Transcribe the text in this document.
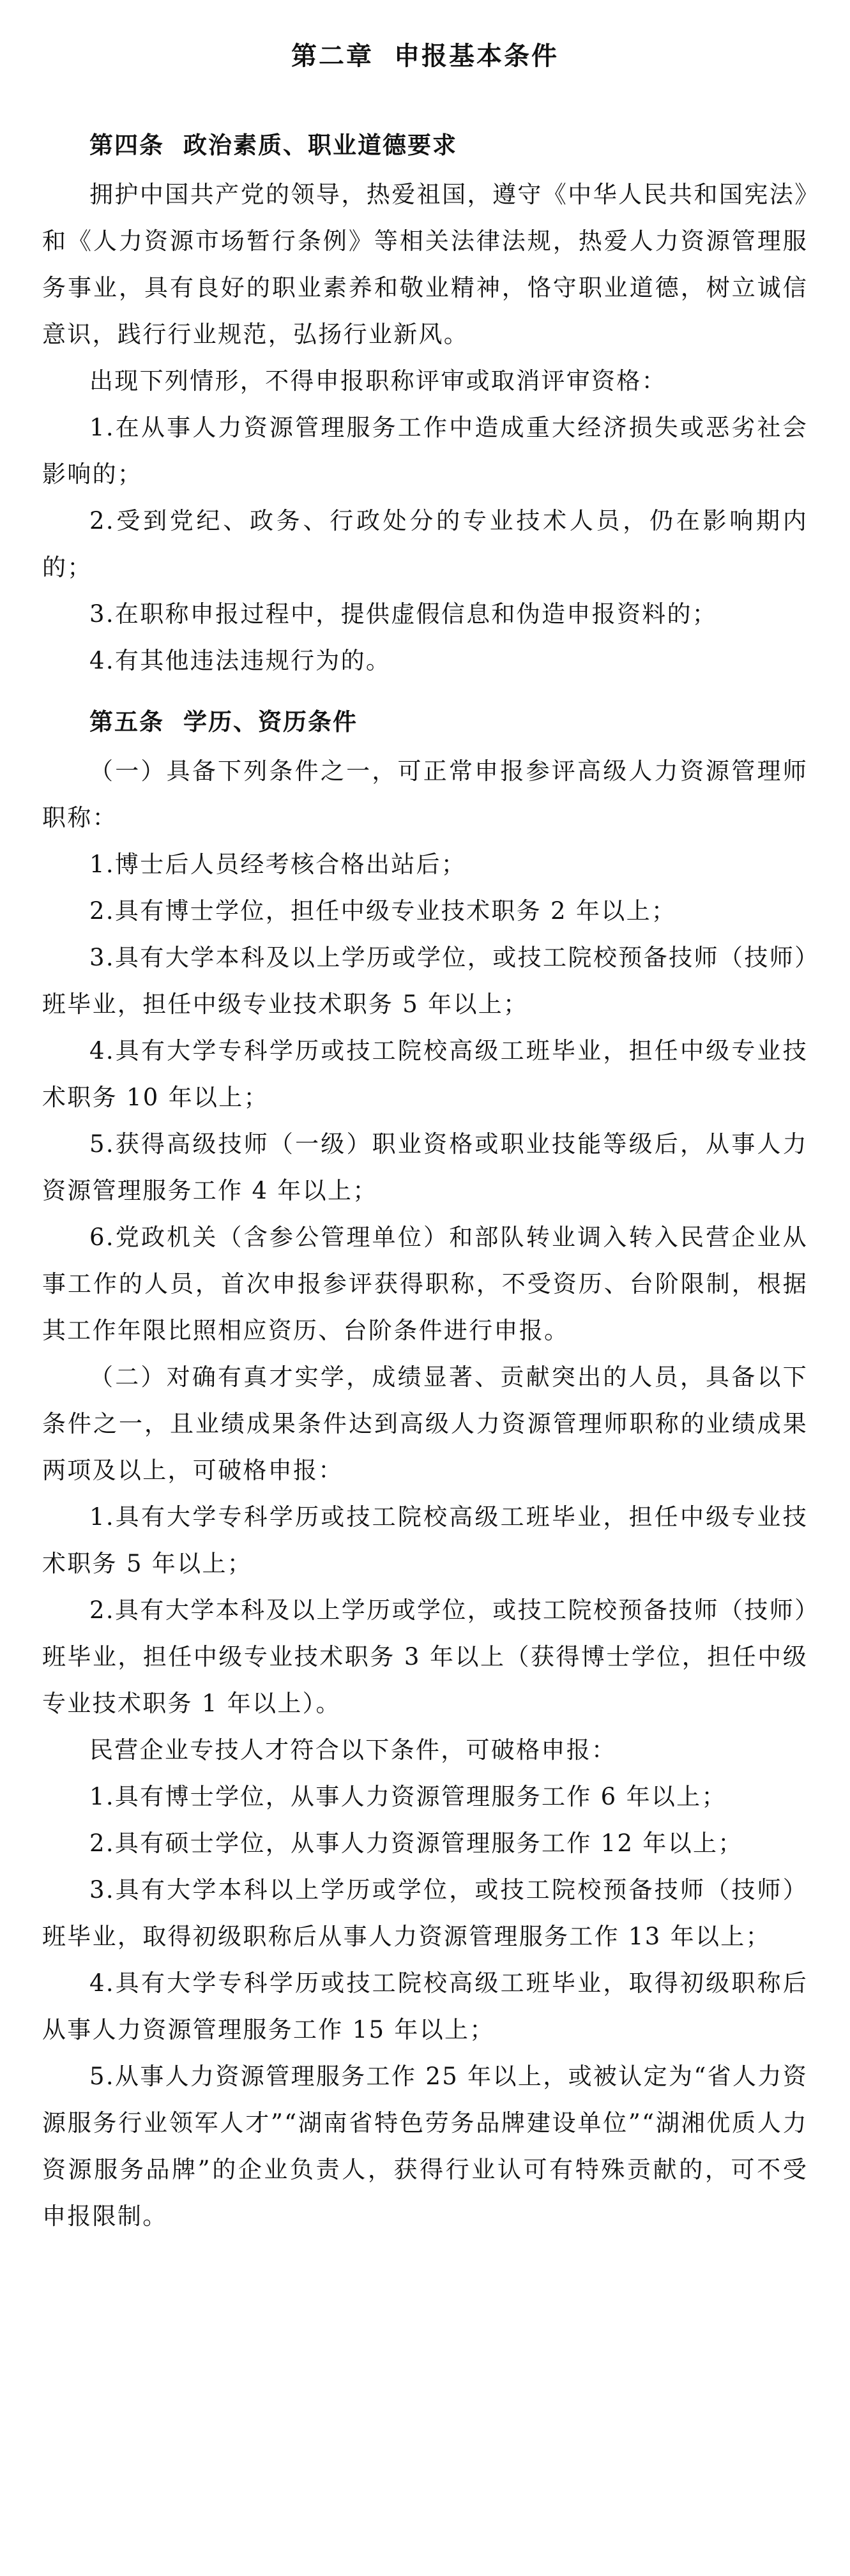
第二章 申报基本条件
第四条 政治素质、职业道德要求

拥护中国共产党的领导，热爱祖国，遵守《中华人民共和国宪法》和《人力资源市场暂行条例》等相关法律法规，热爱人力资源管理服务事业，具有良好的职业素养和敬业精神，恪守职业道德，树立诚信意识，践行行业规范，弘扬行业新风。

出现下列情形，不得申报职称评审或取消评审资格：

1.在从事人力资源管理服务工作中造成重大经济损失或恶劣社会影响的；

2.受到党纪、政务、行政处分的专业技术人员，仍在影响期内的；

3.在职称申报过程中，提供虚假信息和伪造申报资料的；

4.有其他违法违规行为的。

第五条 学历、资历条件

（一）具备下列条件之一，可正常申报参评高级人力资源管理师职称：

1.博士后人员经考核合格出站后；

2.具有博士学位，担任中级专业技术职务 2 年以上；

3.具有大学本科及以上学历或学位，或技工院校预备技师（技师）班毕业，担任中级专业技术职务 5 年以上；

4.具有大学专科学历或技工院校高级工班毕业，担任中级专业技术职务 10 年以上；

5.获得高级技师（一级）职业资格或职业技能等级后，从事人力资源管理服务工作 4 年以上；

6.党政机关（含参公管理单位）和部队转业调入转入民营企业从事工作的人员，首次申报参评获得职称，不受资历、台阶限制，根据其工作年限比照相应资历、台阶条件进行申报。

（二）对确有真才实学，成绩显著、贡献突出的人员，具备以下条件之一，且业绩成果条件达到高级人力资源管理师职称的业绩成果两项及以上，可破格申报：

1.具有大学专科学历或技工院校高级工班毕业，担任中级专业技术职务 5 年以上；

2.具有大学本科及以上学历或学位，或技工院校预备技师（技师）班毕业，担任中级专业技术职务 3 年以上（获得博士学位，担任中级专业技术职务 1 年以上）。

民营企业专技人才符合以下条件，可破格申报：

1.具有博士学位，从事人力资源管理服务工作 6 年以上；

2.具有硕士学位，从事人力资源管理服务工作 12 年以上；

3.具有大学本科以上学历或学位，或技工院校预备技师（技师）班毕业，取得初级职称后从事人力资源管理服务工作 13 年以上；

4.具有大学专科学历或技工院校高级工班毕业，取得初级职称后从事人力资源管理服务工作 15 年以上；

5.从事人力资源管理服务工作 25 年以上，或被认定为“省人力资源服务行业领军人才”“湖南省特色劳务品牌建设单位”“湖湘优质人力资源服务品牌”的企业负责人，获得行业认可有特殊贡献的，可不受申报限制。
